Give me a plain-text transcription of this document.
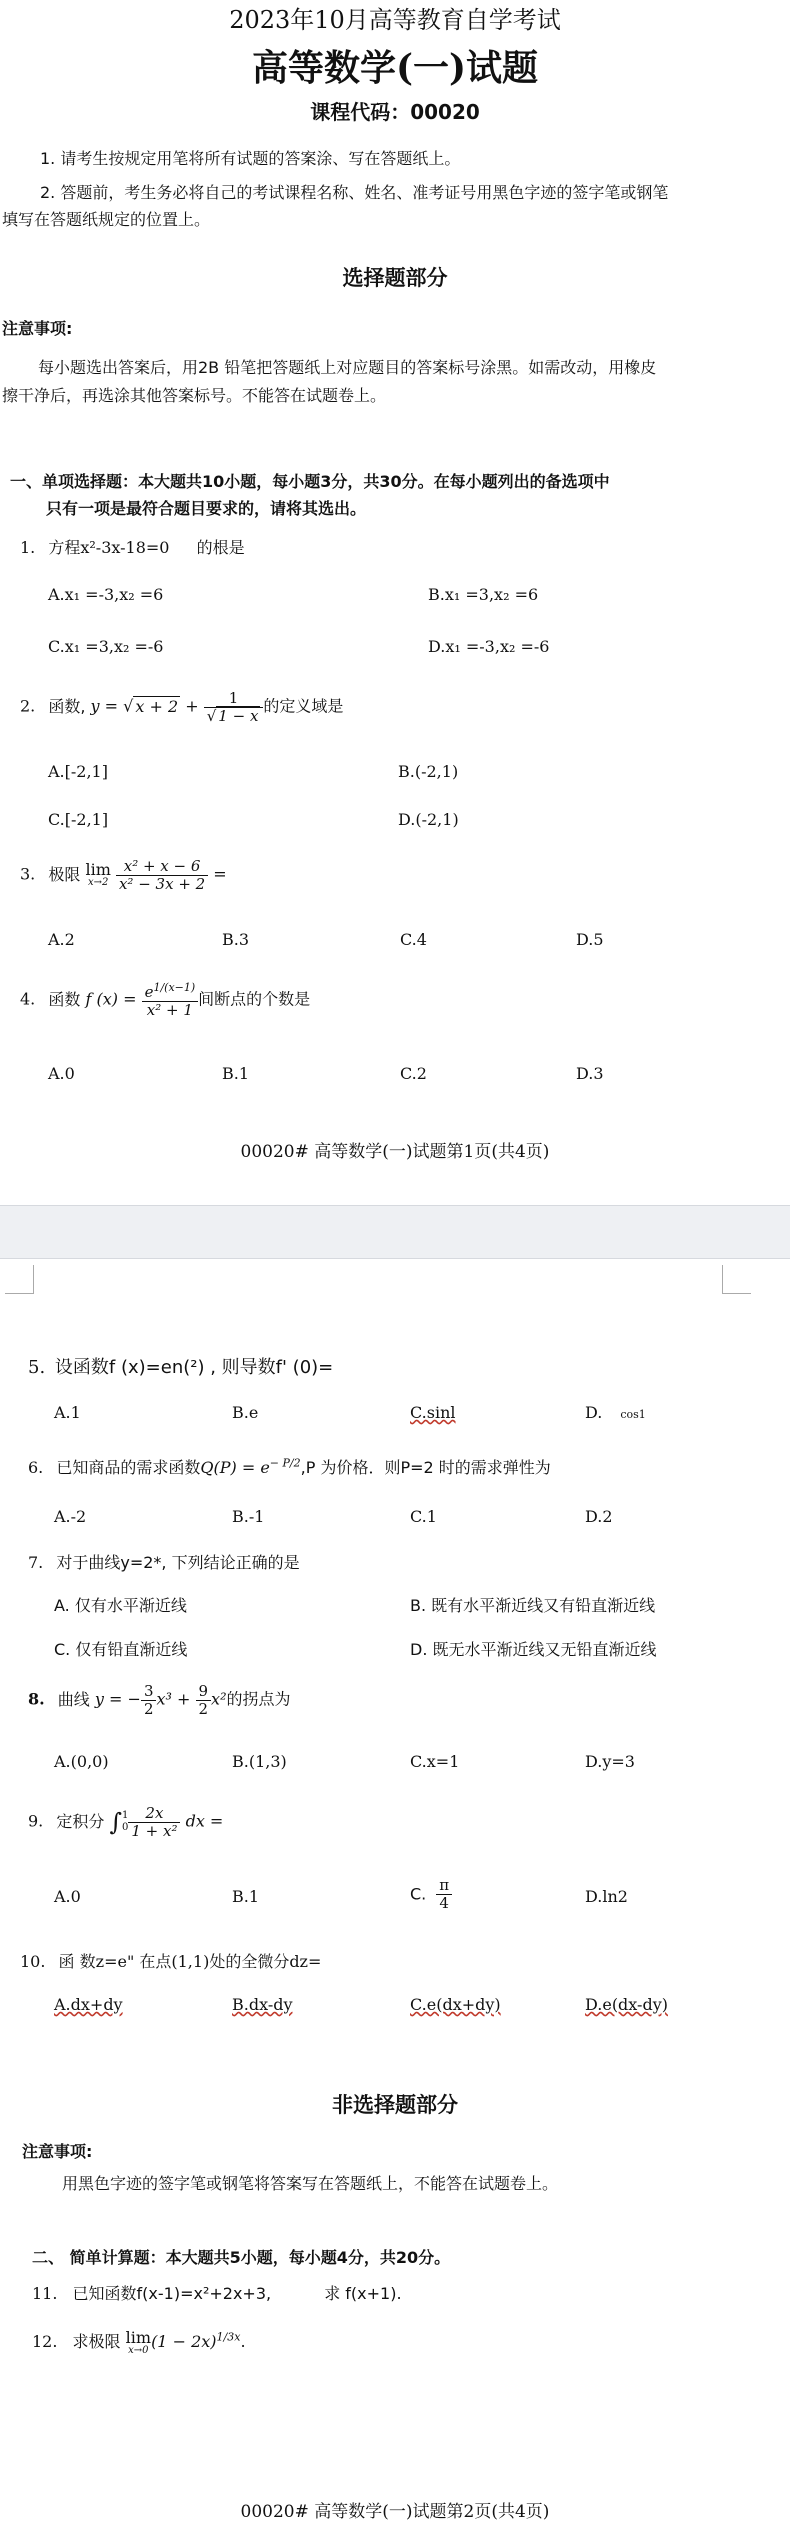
2023年10月高等教育自学考试
高等数学(一)试题
课程代码：00020
1. 请考生按规定用笔将所有试题的答案涂、写在答题纸上。
2. 答题前，考生务必将自己的考试课程名称、姓名、准考证号用黑色字迹的签字笔或钢笔
填写在答题纸规定的位置上。
选择题部分
注意事项:
每小题选出答案后，用2B 铅笔把答题纸上对应题目的答案标号涂黑。如需改动，用橡皮
擦干净后，再选涂其他答案标号。不能答在试题卷上。
一、单项选择题：本大题共10小题，每小题3分，共30分。在每小题列出的备选项中
只有一项是最符合题目要求的，请将其选出。
1. 方程x²-3x-18=0 的根是
A.x₁ =-3,x₂ =6	B.x₁ =3,x₂ =6
C.x₁ =3,x₂ =-6	D.x₁ =-3,x₂ =-6
2. 函数, y = √ $x + 2 + \frac{1}{√ 1 - x}$ 的定义域是
A.[-2,1]	B.(-2,1)
C.[-2,1]	D.(-2,1)
3. 极限 lim
x→2
$\frac{\text{x² + x − 6}}{\text{x² − 3x + 2}}$ =
A.2	B.3	C.4	D.5
4. 函数 f $(x) = \frac{e^{1/(x-1)}}{\text{x² + 1}}$ 间断点的个数是
A.0	B.1	C.2	D.3
00020# 高等数学(一)试题第1页(共4页)
5. 设函数f (x)=en(²) , 则导数f' (0)=
A.1	B.e	C.sinl	D. cos1
6. 已知商品的需求函数$Q(P) = e^{- P/2},P$ 为价格．则P=2 时的需求弹性为
A.-2	B.-1	C.1	D.2
7. 对于曲线y=2*, 下列结论正确的是
A. 仅有水平渐近线	B. 既有水平渐近线又有铅直渐近线
C. 仅有铅直渐近线	D. 既无水平渐近线又无铅直渐近线
8. 曲线 y = − $\frac{3}{2} x^3 + \frac{9}{2} x^2$的拐点为
A.(0,0)	B.(1,3)	C.x=1	D.y=3
9. 定积分 ∫ 1
$0 \frac{2x}{\text{1 + x²}}$ dx =
A.0	B.1	C. $\frac{\pi}{4}$	D.ln2
10. 函 数z=e" 在点(1,1)处的全微分dz=
A.dx+dy	B.dx-dy	C.e(dx+dy)	D.e(dx-dy)
非选择题部分
注意事项:
用黑色字迹的签字笔或钢笔将答案写在答题纸上，不能答在试题卷上。
二、 简单计算题：本大题共5小题，每小题4分，共20分。
11. 已知函数f(x-1)=x²+2x+3,	求 f(x+1).
12. 求极限 lim
x→0 $(1 - 2x)^{1/3x}$.
00020# 高等数学(一)试题第2页(共4页)
